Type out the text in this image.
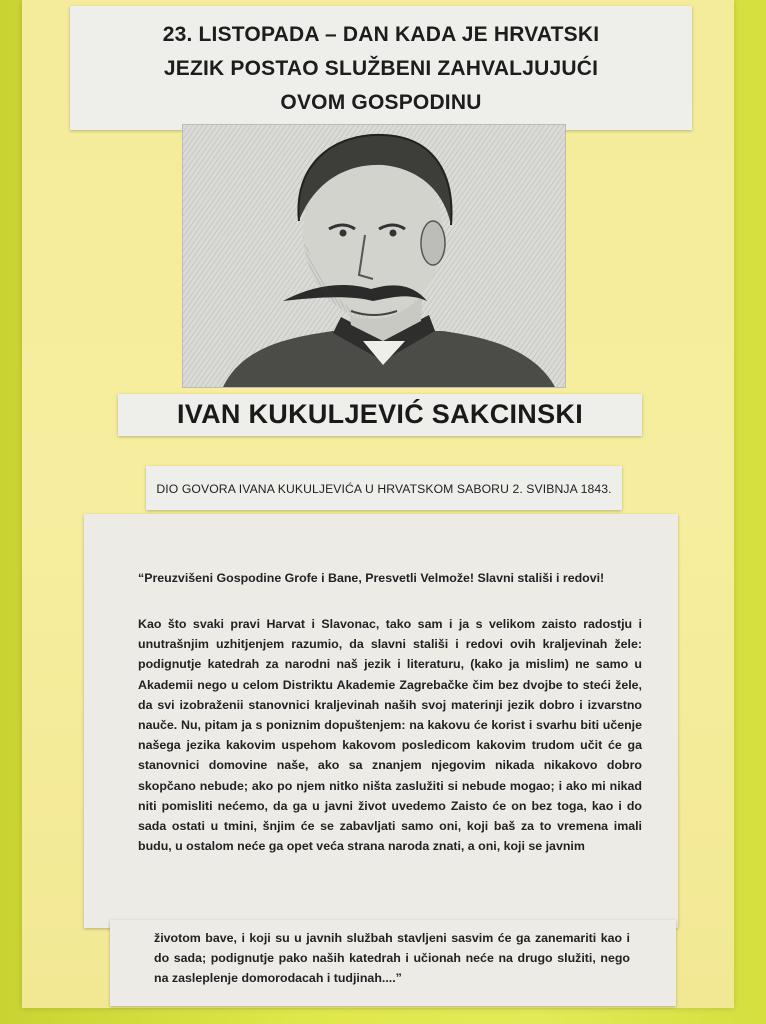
23. LISTOPADA – DAN KADA JE HRVATSKI
JEZIK POSTAO SLUŽBENI ZAHVALJUJUĆI
OVOM GOSPODINU
IVAN KUKULJEVIĆ SAKCINSKI
DIO GOVORA IVANA KUKULJEVIĆA U HRVATSKOM SABORU 2. SVIBNJA 1843.
“Preuzvišeni Gospodine Grofe i Bane, Presvetli Velmože! Slavni stališi i redovi!
Kao što svaki pravi Harvat i Slavonac, tako sam i ja s velikom zaisto radostju i unutrašnjim uzhitjenjem razumio, da slavni stališi i redovi ovih kraljevinah žele: podignutje katedrah za narodni naš jezik i literaturu, (kako ja mislim) ne samo u Akademii nego u celom Distriktu Akademie Zagrebačke čim bez dvojbe to steći žele, da svi izobraženii stanovnici kraljevinah naših svoj materinji jezik dobro i izvarstno nauče. Nu, pitam ja s poniznim dopuštenjem: na kakovu će korist i svarhu biti učenje našega jezika kakovim uspehom kakovom posledicom kakovim trudom učit će ga stanovnici domovine naše, ako sa znanjem njegovim nikada nikakovo dobro skopčano nebude; ako po njem nitko ništa zaslužiti si nebude mogao; i ako mi nikad niti pomisliti nećemo, da ga u javni život uvedemo Zaisto će on bez toga, kao i do sada ostati u tmini, šnjim će se zabavljati samo oni, koji baš za to vremena imali budu, u ostalom neće ga opet veća strana naroda znati, a oni, koji se javnim
životom bave, i koji su u javnih službah stavljeni sasvim će ga zanemariti kao i do sada; podignutje pako naših katedrah i učionah neće na drugo služiti, nego na zasleplenje domorodacah i tudjinah....”
